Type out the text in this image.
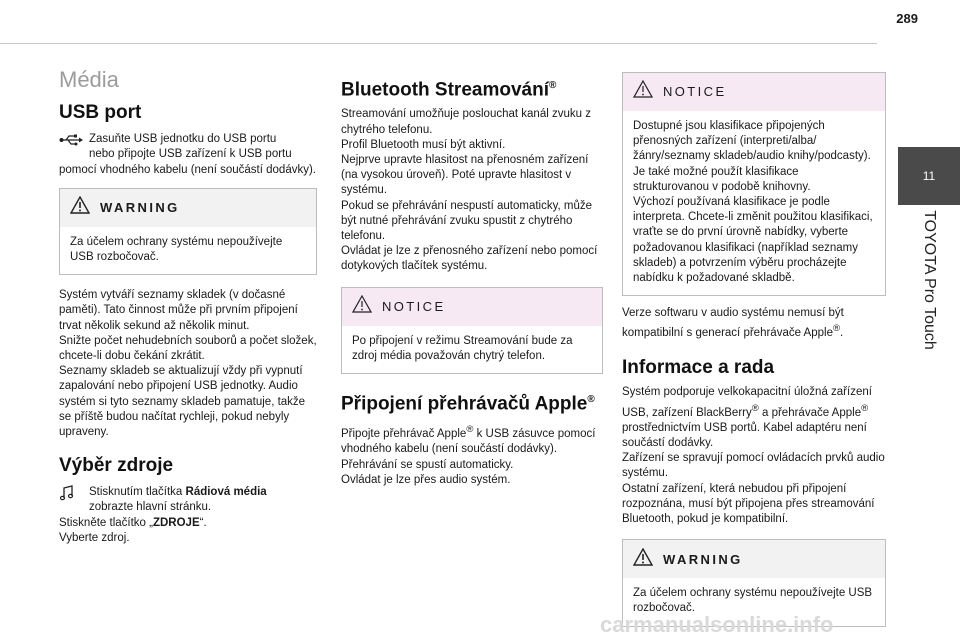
289
11
TOYOTA Pro Touch
Média
USB port

Zasuňte USB jednotku do USB portu

nebo připojte USB zařízení k USB portu

pomocí vhodného kabelu (není součástí dodávky).

WARNING

Za účelem ochrany systému nepoužívejte USB rozbočovač.

Systém vytváří seznamy skladek (v dočasné paměti). Tato činnost může při prvním připojení trvat několik sekund až několik minut.
Snižte počet nehudebních souborů a počet složek, chcete-li dobu čekání zkrátit.
Seznamy skladeb se aktualizují vždy při vypnutí zapalování nebo připojení USB jednotky. Audio systém si tyto seznamy skladeb pamatuje, takže se příště budou načítat rychleji, pokud nebyly upraveny.

Výběr zdroje

Stisknutím tlačítka Rádiová média

zobrazte hlavní stránku.

Stiskněte tlačítko „ZDROJE“.

Vyberte zdroj.

Bluetooth Streamování®

Streamování umožňuje poslouchat kanál zvuku z chytrého telefonu.
Profil Bluetooth musí být aktivní.
Nejprve upravte hlasitost na přenosném zařízení (na vysokou úroveň). Poté upravte hlasitost v systému.
Pokud se přehrávání nespustí automaticky, může být nutné přehrávání zvuku spustit z chytrého telefonu.
Ovládat je lze z přenosného zařízení nebo pomocí dotykových tlačítek systému.

NOTICE

Po připojení v režimu Streamování bude za zdroj média považován chytrý telefon.

Připojení přehrávačů Apple®

Připojte přehrávač Apple® k USB zásuvce pomocí vhodného kabelu (není součástí dodávky).
Přehrávání se spustí automaticky.
Ovládat je lze přes audio systém.

NOTICE

Dostupné jsou klasifikace připojených přenosných zařízení (interpreti/alba/žánry/seznamy skladeb/audio knihy/podcasty). Je také možné použít klasifikace strukturovanou v podobě knihovny.
Výchozí používaná klasifikace je podle interpreta. Chcete-li změnit použitou klasifikaci, vraťte se do první úrovně nabídky, vyberte požadovanou klasifikaci (například seznamy skladeb) a potvrzením výběru procházejte nabídku k požadované skladbě.

Verze softwaru v audio systému nemusí být kompatibilní s generací přehrávače Apple®.

Informace a rada

Systém podporuje velkokapacitní úložná zařízení USB, zařízení BlackBerry® a přehrávače Apple® prostřednictvím USB portů. Kabel adaptéru není součástí dodávky.
Zařízení se spravují pomocí ovládacích prvků audio systému.
Ostatní zařízení, která nebudou při připojení rozpoznána, musí být připojena přes streamování Bluetooth, pokud je kompatibilní.

WARNING

Za účelem ochrany systému nepoužívejte USB rozbočovač.

carmanualsonline.info
